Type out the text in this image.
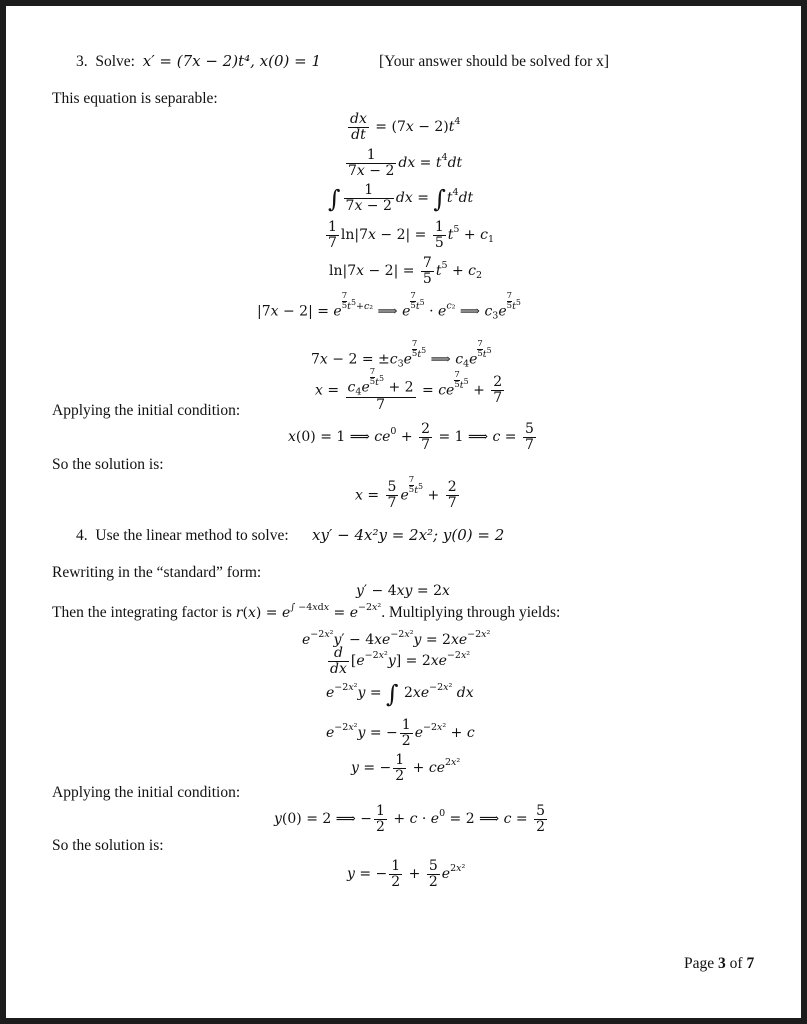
3. Solve: x′ = (7x − 2)t⁴, x(0) = 1	[Your answer should be solved for x]
This equation is separable:
$\frac{dx}{dt} = (7x - 2)t^4$
$\frac{1}{7x - 2}$ dx = $t^4dt$
∫ $\frac{1}{7x - 2}$ dx = $\int t^4dt$
$\frac{1}{7} \ln|7x - 2| = \frac{1}{5} t^5 + c_1$
$\ln|7x - 2| = \frac{7}{5} t^5 + c_2$
|7x − 2| = e
$\frac{7}{5} ^{t^5+c_2}$ ⟹ e
$\frac{7}{5} ^{t^5} \cdot e^{c_2}$ ⟹ $c_3e$
$\frac{7}{5} ^{t^5}$
$7x - 2 = \pm c_3e$
$\frac{7}{5} ^{t^5}$ ⟹ $c_4e$
$\frac{7}{5} ^{t^5}$
$x = c_4e$
$\frac{7}{5} ^{t^5} + 2$
7 = ce
$\frac{7}{5} ^{t^5} + \frac{2}{7}$
Applying the initial condition:
x(0) = 1 ⟹ $ce^0 + \frac{2}{7} = 1$ ⟹ $c = \frac{5}{7}$
So the solution is:
$x = \frac{5}{7}$ e
$\frac{7}{5} ^{t^5} + \frac{2}{7}$
4. Use the linear method to solve: xy′ − 4x²y = 2x²; y(0) = 2
Rewriting in the “standard” form:
y′ − 4xy = 2x
Then the integrating factor is $r(x) = e^{\int -4xdx} = e^{-2x^2}$. Multiplying through yields:
$e^{-2x^2}y' - 4xe^{-2x^2}y = 2xe^{-2x^2}$
$\frac{d}{dx} [e^{-2x^2}y] = 2xe^{-2x^2}$
$e^{-2x^2}y$ = ∫ $2xe^{-2x^2}$ dx
$e^{-2x^2}y$ = − $\frac{1}{2} e^{-2x^2} + c$
y = − $\frac{1}{2} + ce^{2x^2}$
Applying the initial condition:
y(0) = 2 ⟹ − $\frac{1}{2} + c \cdot e^0 = 2$ ⟹ $c = \frac{5}{2}$
So the solution is:
y = − $\frac{1}{2} + \frac{5}{2} e^{2x^2}$
Page 3 of 7
